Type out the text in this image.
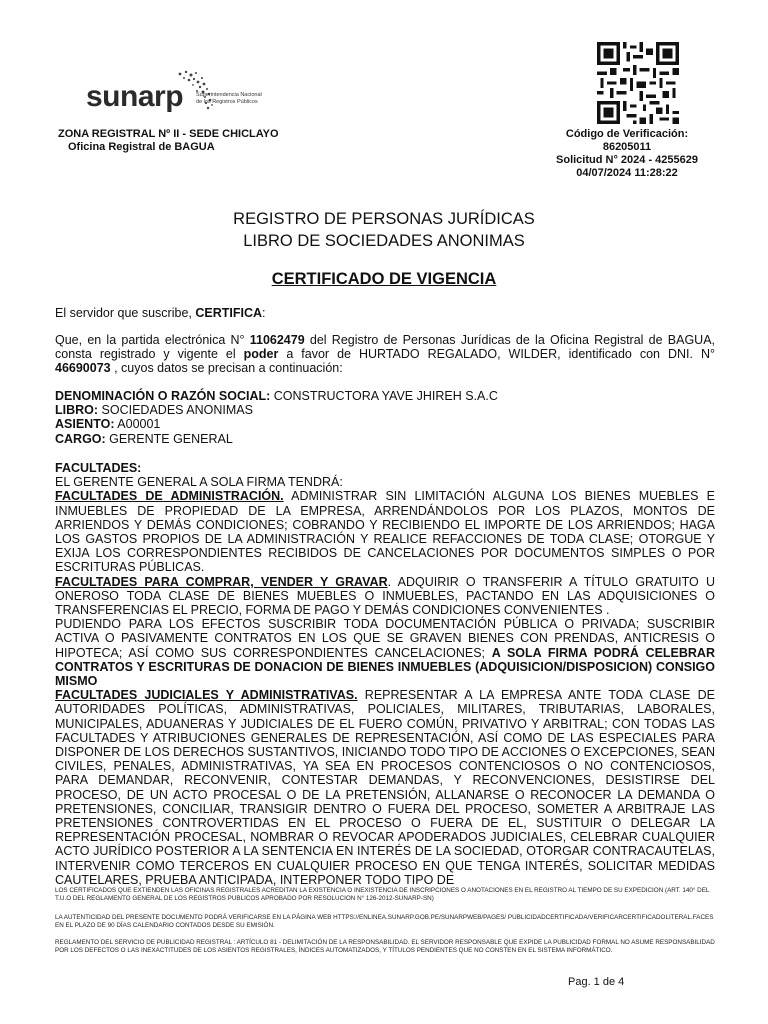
sunarp Superintendencia Nacional
de los Registros Públicos
ZONA REGISTRAL Nº II - SEDE CHICLAYO
Oficina Registral de BAGUA
Código de Verificación:
86205011
Solicitud N° 2024 - 4255629
04/07/2024 11:28:22
REGISTRO DE PERSONAS JURÍDICAS
LIBRO DE SOCIEDADES ANONIMAS
CERTIFICADO DE VIGENCIA
El servidor que suscribe, CERTIFICA:

Que, en la partida electrónica N° 11062479 del Registro de Personas Jurídicas de la Oficina Registral de BAGUA, consta registrado y vigente el poder a favor de HURTADO REGALADO, WILDER, identificado con DNI. N°

46690073 , cuyos datos se precisan a continuación:

DENOMINACIÓN O RAZÓN SOCIAL: CONSTRUCTORA YAVE JHIREH S.A.C
LIBRO: SOCIEDADES ANONIMAS
ASIENTO: A00001
CARGO: GERENTE GENERAL

FACULTADES:

EL GERENTE GENERAL A SOLA FIRMA TENDRÁ:

FACULTADES DE ADMINISTRACIÓN. ADMINISTRAR SIN LIMITACIÓN ALGUNA LOS BIENES MUEBLES E INMUEBLES DE PROPIEDAD DE LA EMPRESA, ARRENDÁNDOLOS POR LOS PLAZOS, MONTOS DE ARRIENDOS Y DEMÁS CONDICIONES; COBRANDO Y RECIBIENDO EL IMPORTE DE LOS ARRIENDOS; HAGA LOS GASTOS PROPIOS DE LA ADMINISTRACIÓN Y REALICE REFACCIONES DE TODA CLASE; OTORGUE Y EXIJA LOS CORRESPONDIENTES RECIBIDOS DE CANCELACIONES POR DOCUMENTOS SIMPLES O POR ESCRITURAS PÚBLICAS.

FACULTADES PARA COMPRAR, VENDER Y GRAVAR. ADQUIRIR O TRANSFERIR A TÍTULO GRATUITO U ONEROSO TODA CLASE DE BIENES MUEBLES O INMUEBLES, PACTANDO EN LAS ADQUISICIONES O TRANSFERENCIAS EL PRECIO, FORMA DE PAGO Y DEMÁS CONDICIONES CONVENIENTES .

PUDIENDO PARA LOS EFECTOS SUSCRIBIR TODA DOCUMENTACIÓN PÚBLICA O PRIVADA; SUSCRIBIR ACTIVA O PASIVAMENTE CONTRATOS EN LOS QUE SE GRAVEN BIENES CON PRENDAS, ANTICRESIS O HIPOTECA; ASÍ COMO SUS CORRESPONDIENTES CANCELACIONES; A SOLA FIRMA PODRÁ CELEBRAR CONTRATOS Y ESCRITURAS DE DONACION DE BIENES INMUEBLES (ADQUISICION/DISPOSICION) CONSIGO MISMO

FACULTADES JUDICIALES Y ADMINISTRATIVAS. REPRESENTAR A LA EMPRESA ANTE TODA CLASE DE AUTORIDADES POLÍTICAS, ADMINISTRATIVAS, POLICIALES, MILITARES, TRIBUTARIAS, LABORALES, MUNICIPALES, ADUANERAS Y JUDICIALES DE EL FUERO COMÚN, PRIVATIVO Y ARBITRAL; CON TODAS LAS FACULTADES Y ATRIBUCIONES GENERALES DE REPRESENTACIÓN, ASÍ COMO DE LAS ESPECIALES PARA DISPONER DE LOS DERECHOS SUSTANTIVOS, INICIANDO TODO TIPO DE ACCIONES O EXCEPCIONES, SEAN CIVILES, PENALES, ADMINISTRATIVAS, YA SEA EN PROCESOS CONTENCIOSOS O NO CONTENCIOSOS, PARA DEMANDAR, RECONVENIR, CONTESTAR DEMANDAS, Y RECONVENCIONES, DESISTIRSE DEL PROCESO, DE UN ACTO PROCESAL O DE LA PRETENSIÓN, ALLANARSE O RECONOCER LA DEMANDA O PRETENSIONES, CONCILIAR, TRANSIGIR DENTRO O FUERA DEL PROCESO, SOMETER A ARBITRAJE LAS PRETENSIONES CONTROVERTIDAS EN EL PROCESO O FUERA DE EL, SUSTITUIR O DELEGAR LA REPRESENTACIÓN PROCESAL, NOMBRAR O REVOCAR APODERADOS JUDICIALES, CELEBRAR CUALQUIER ACTO JURÍDICO POSTERIOR A LA SENTENCIA EN INTERÉS DE LA SOCIEDAD, OTORGAR CONTRACAUTELAS, INTERVENIR COMO TERCEROS EN CUALQUIER PROCESO EN QUE TENGA INTERÉS, SOLICITAR MEDIDAS CAUTELARES, PRUEBA ANTICIPADA, INTERPONER TODO TIPO DE

LOS CERTIFICADOS QUE EXTIENDEN LAS OFICINAS REGISTRALES ACREDITAN LA EXISTENCIA O INEXISTENCIA DE INSCRIPCIONES O ANOTACIONES EN EL REGISTRO AL TIEMPO DE SU EXPEDICION (ART. 140° DEL T.U.O DEL REGLAMENTO GENERAL DE LOS REGISTROS PUBLICOS APROBADO POR RESOLUCION N° 126-2012-SUNARP-SN)
LA AUTENTICIDAD DEL PRESENTE DOCUMENTO PODRÁ VERIFICARSE EN LA PÁGINA WEB HTTPS://ENLINEA.SUNARP.GOB.PE/SUNARPWEB/PAGES/ PUBLICIDADCERTIFICADA/VERIFICARCERTIFICADOLITERAL.FACES EN EL PLAZO DE 90 DÍAS CALENDARIO CONTADOS DESDE SU EMISIÓN.
REGLAMENTO DEL SERVICIO DE PUBLICIDAD REGISTRAL : ARTÍCULO 81 - DELIMITACIÓN DE LA RESPONSABILIDAD. EL SERVIDOR RESPONSABLE QUE EXPIDE LA PUBLICIDAD FORMAL NO ASUME RESPONSABILIDAD POR LOS DEFECTOS O LAS INEXACTITUDES DE LOS ASIENTOS REGISTRALES, ÍNDICES AUTOMATIZADOS, Y TÍTULOS PENDIENTES QUE NO CONSTEN EN EL SISTEMA INFORMÁTICO.
Pag. 1 de 4
